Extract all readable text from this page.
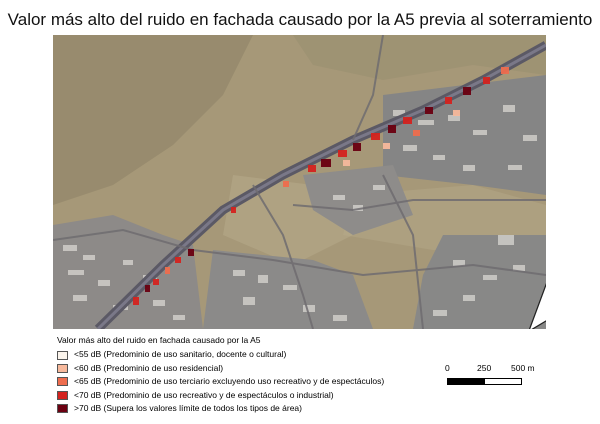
Valor más alto del ruido en fachada causado por la A5 previa al soterramiento
Valor más alto del ruido en fachada causado por la A5
<55 dB (Predominio de uso sanitario, docente o cultural)
<60 dB (Predominio de uso residencial)
<65 dB (Predominio de uso terciario excluyendo uso recreativo y de espectáculos)
<70 dB (Predominio de uso recreativo y de espectáculos o industrial)
>70 dB (Supera los valores límite de todos los tipos de área)
0	250 500 m
